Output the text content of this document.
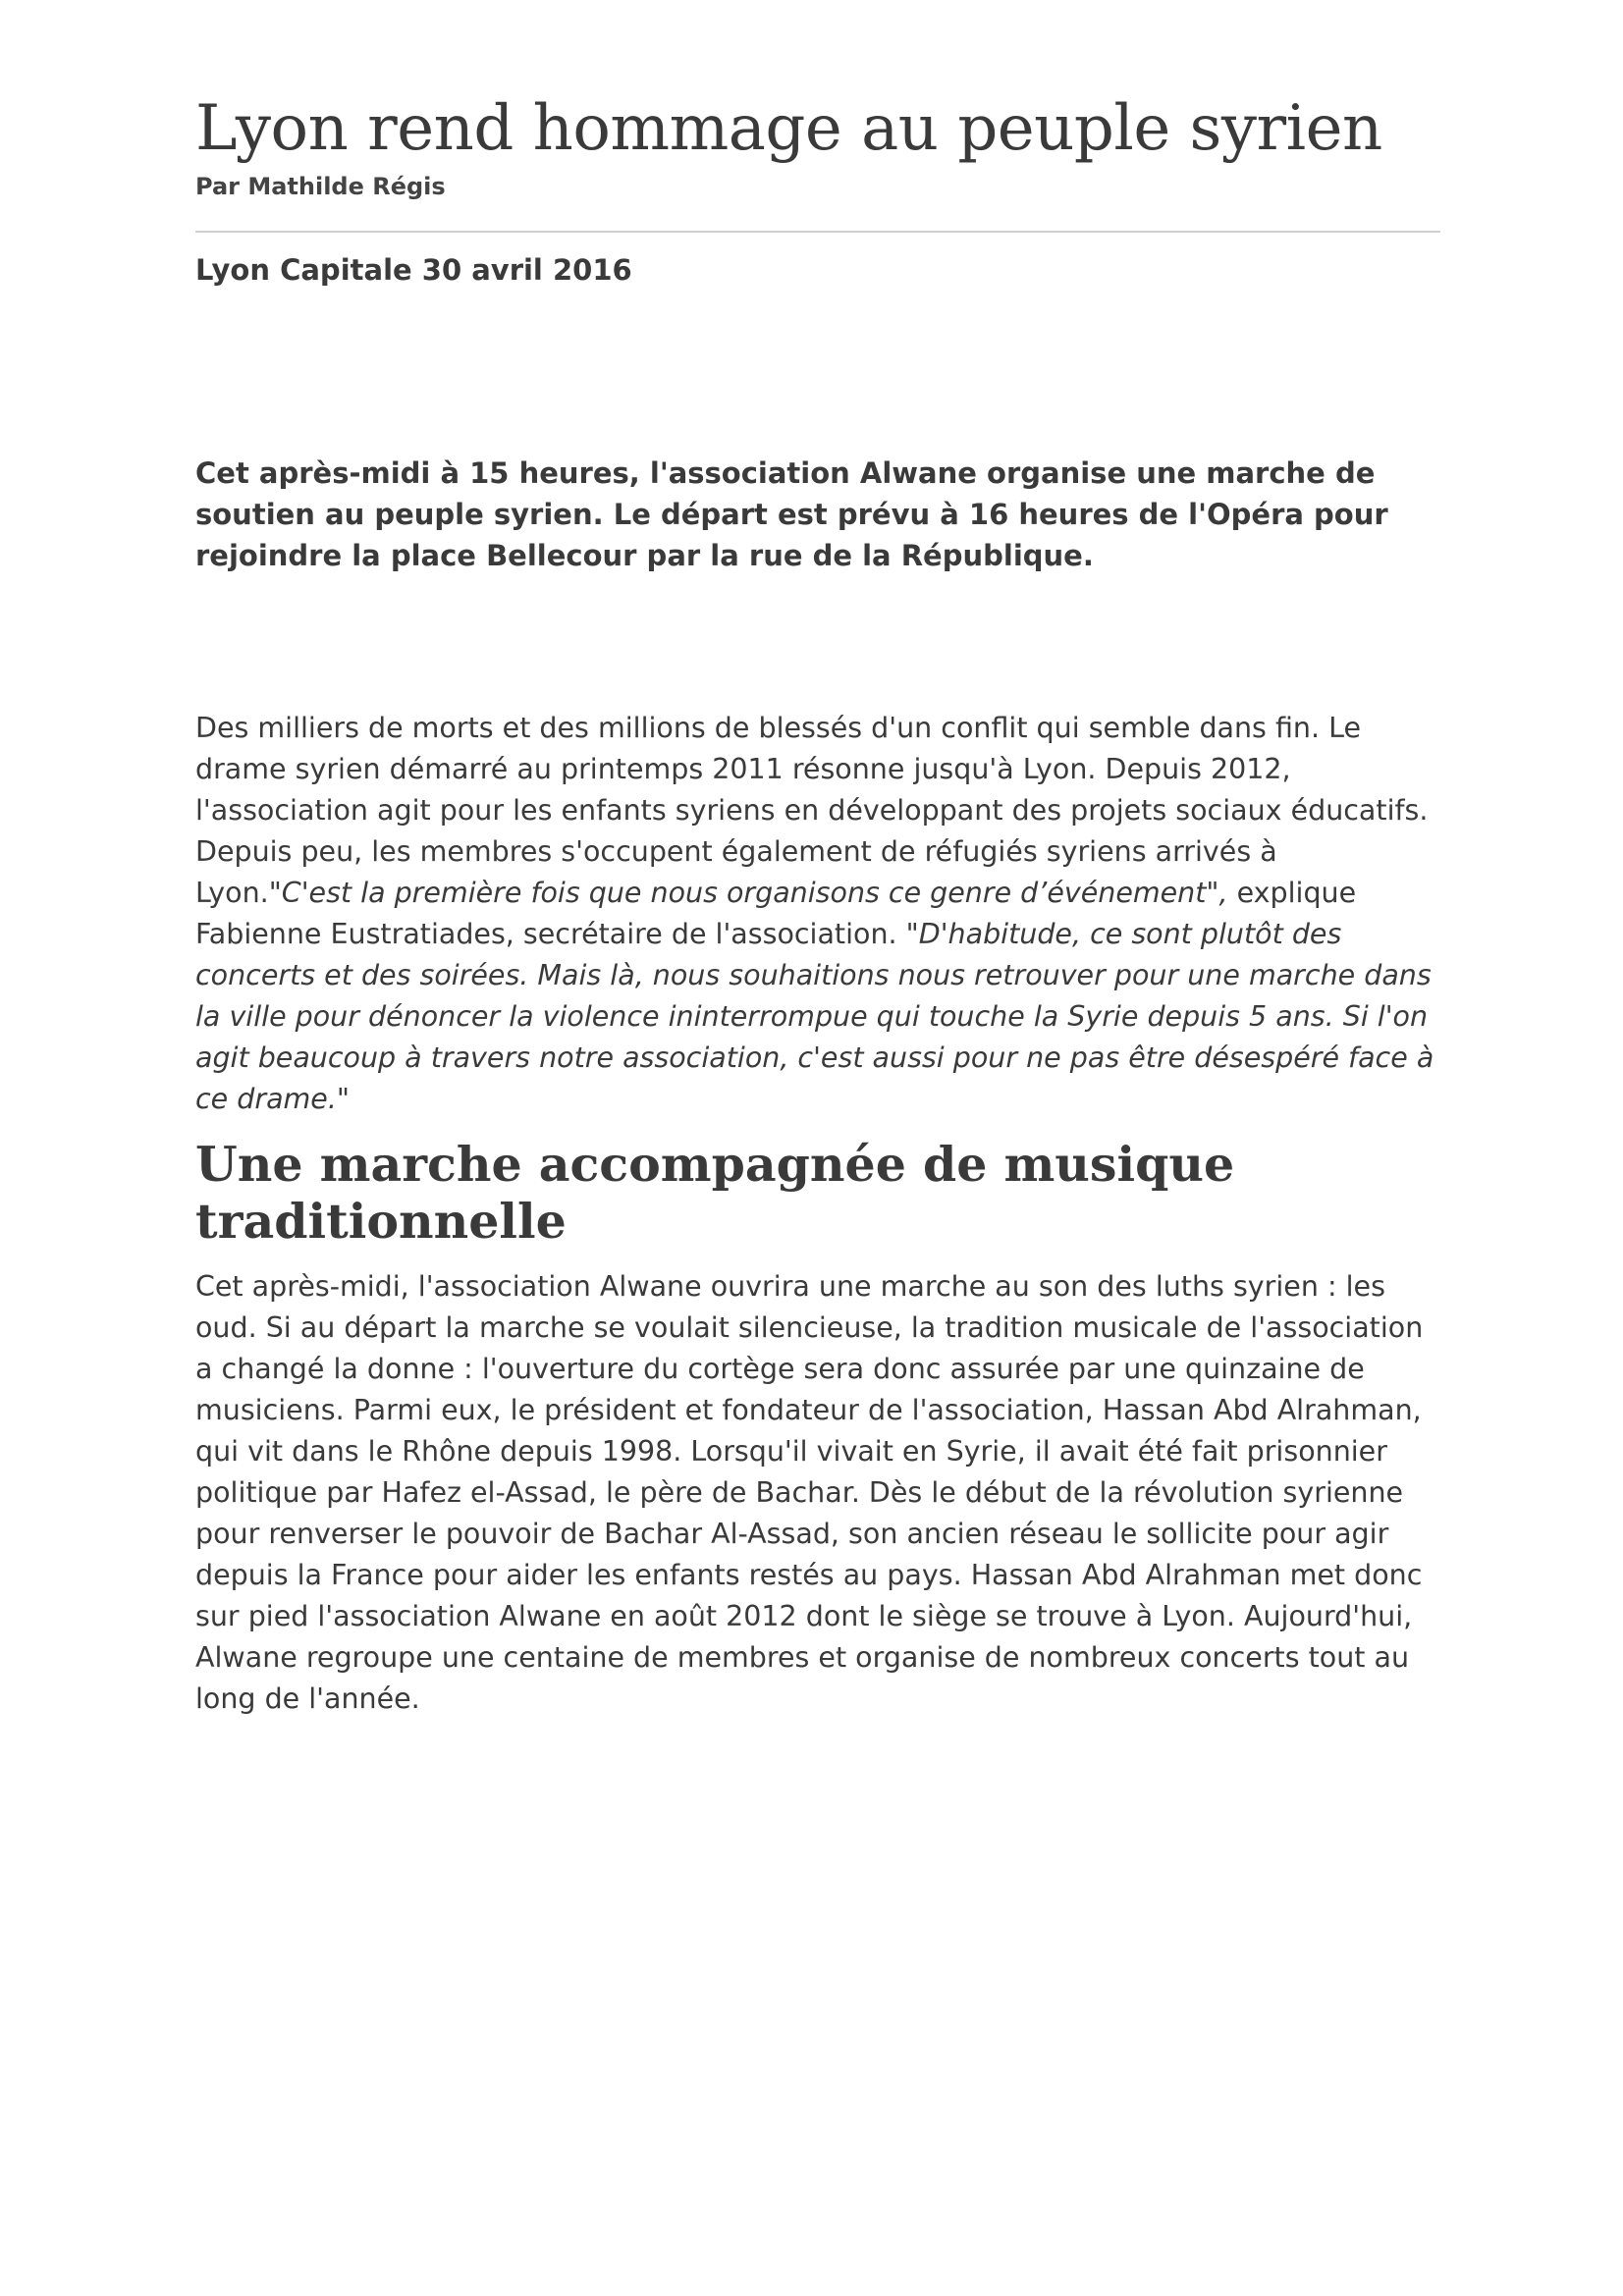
Lyon rend hommage au peuple syrien
Par Mathilde Régis
Lyon Capitale 30 avril 2016

Cet après-midi à 15 heures, l'association Alwane organise une marche de soutien au peuple syrien. Le départ est prévu à 16 heures de l'Opéra pour rejoindre la place Bellecour par la rue de la République.

Des milliers de morts et des millions de blessés d'un conflit qui semble dans fin. Le drame syrien démarré au printemps 2011 résonne jusqu'à Lyon. Depuis 2012, l'association agit pour les enfants syriens en développant des projets sociaux éducatifs. Depuis peu, les membres s'occupent également de réfugiés syriens arrivés à Lyon."C'est la première fois que nous organisons ce genre d’événement", explique Fabienne Eustratiades, secrétaire de l'association. "D'habitude, ce sont plutôt des concerts et des soirées. Mais là, nous souhaitions nous retrouver pour une marche dans la ville pour dénoncer la violence ininterrompue qui touche la Syrie depuis 5 ans. Si l'on agit beaucoup à travers notre association, c'est aussi pour ne pas être désespéré face à ce drame."

Une marche accompagnée de musique traditionnelle

Cet après-midi, l'association Alwane ouvrira une marche au son des luths syrien : les oud. Si au départ la marche se voulait silencieuse, la tradition musicale de l'association a changé la donne : l'ouverture du cortège sera donc assurée par une quinzaine de musiciens. Parmi eux, le président et fondateur de l'association, Hassan Abd Alrahman, qui vit dans le Rhône depuis 1998. Lorsqu'il vivait en Syrie, il avait été fait prisonnier politique par Hafez el-Assad, le père de Bachar. Dès le début de la révolution syrienne pour renverser le pouvoir de Bachar Al-Assad, son ancien réseau le sollicite pour agir depuis la France pour aider les enfants restés au pays. Hassan Abd Alrahman met donc sur pied l'association Alwane en août 2012 dont le siège se trouve à Lyon. Aujourd'hui, Alwane regroupe une centaine de membres et organise de nombreux concerts tout au long de l'année.
